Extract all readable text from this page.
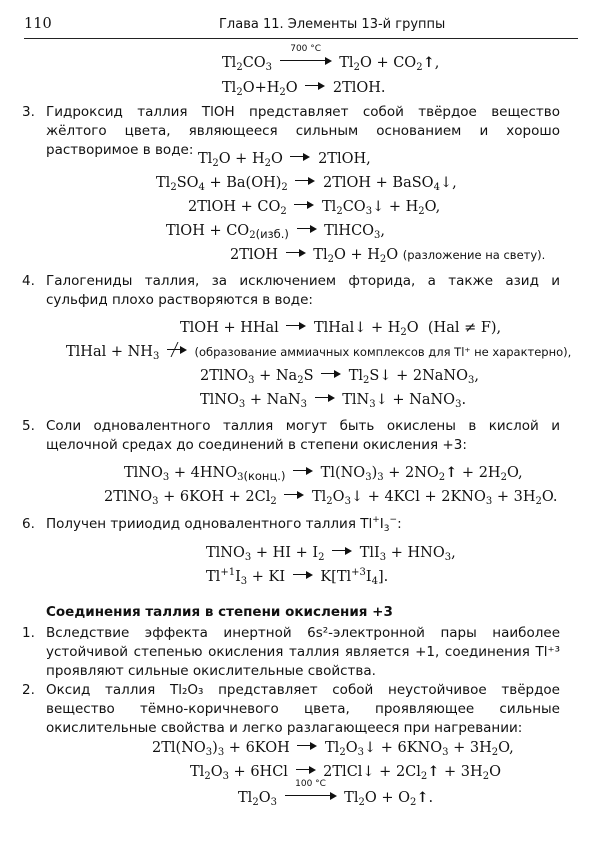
110	Глава 11. Элементы 13-й группы
$Tl_2CO_3$
700 °C
$Tl_2O$ + $CO_2↑$,
$Tl_2O+H_2O$  2TlOH.
3. Гидроксид таллия TlOH представляет собой твёрдое вещество жёлтого цвета, являющееся сильным основанием и хорошо растворимое в воде:
$Tl_2O + H_2O$  2TlOH,
$Tl_2SO_4 + Ba(OH)_2$  2TlOH + BaSO$_4$↓,
2TlOH + $CO_2$  $Tl_2CO_3↓ + H_2O$,
TlOH + $CO_{2(изб.)}$  TlHCO$_3$,
2TlOH  $Tl_2O + H_2O$ (разложение на свету).
4. Галогениды таллия, за исключением фторида, а также азид и сульфид плохо растворяются в воде:
TlOH + HHal  TlHal↓ + $H_2O$  (Hal ≠ F),
TlHal + $NH_3$	(образование аммиачных комплексов для Tl⁺ не характерно),
2TlNO$_3$ + $Na_2S$  $Tl_2S↓$ + 2NaNO$_3$,
TlNO$_3$ + NaN$_3$  TlN$_3$↓ + NaNO$_3$.
5. Соли одновалентного таллия могут быть окислены в кислой и щелочной средах до соединений в степени окисления +3:
TlNO$_3$ + $4HNO_{3(конц.)}$  $Tl(NO_3)_3$ + $2NO_2↑ + 2H_2O$,
2TlNO$_3$ + $6KOH + 2Cl_2$  $Tl_2O_3↓ + 4KCl + 2KNO_3 + 3H_2O$.
6. Получен трииодид одновалентного таллия $Tl^+I_3^-$:
TlNO$_3$ + HI + $I_2$  $TlI_3 + HNO_3$,
$Tl^{+1}I_3$ + KI  $K[Tl^{+3}I_4]$.
Соединения таллия в степени окисления +3
1. Вследствие эффекта инертной 6s²-электронной пары наиболее устойчивой степенью окисления таллия является +1, соединения Tl⁺³ проявляют сильные окислительные свойства.
2. Оксид таллия Tl₂O₃ представляет собой неустойчивое твёрдое вещество тёмно-коричневого цвета, проявляющее сильные окислительные свойства и легко разлагающееся при нагревании:
$2Tl(NO_3)_3 + 6KOH$  $Tl_2O_3↓ + 6KNO_3 + 3H_2O$,
$Tl_2O_3 + 6HCl$  2TlCl↓ + $2Cl_2↑ + 3H_2O$
$Tl_2O_3$
100 °C
$Tl_2O$ + $O_2↑$.
